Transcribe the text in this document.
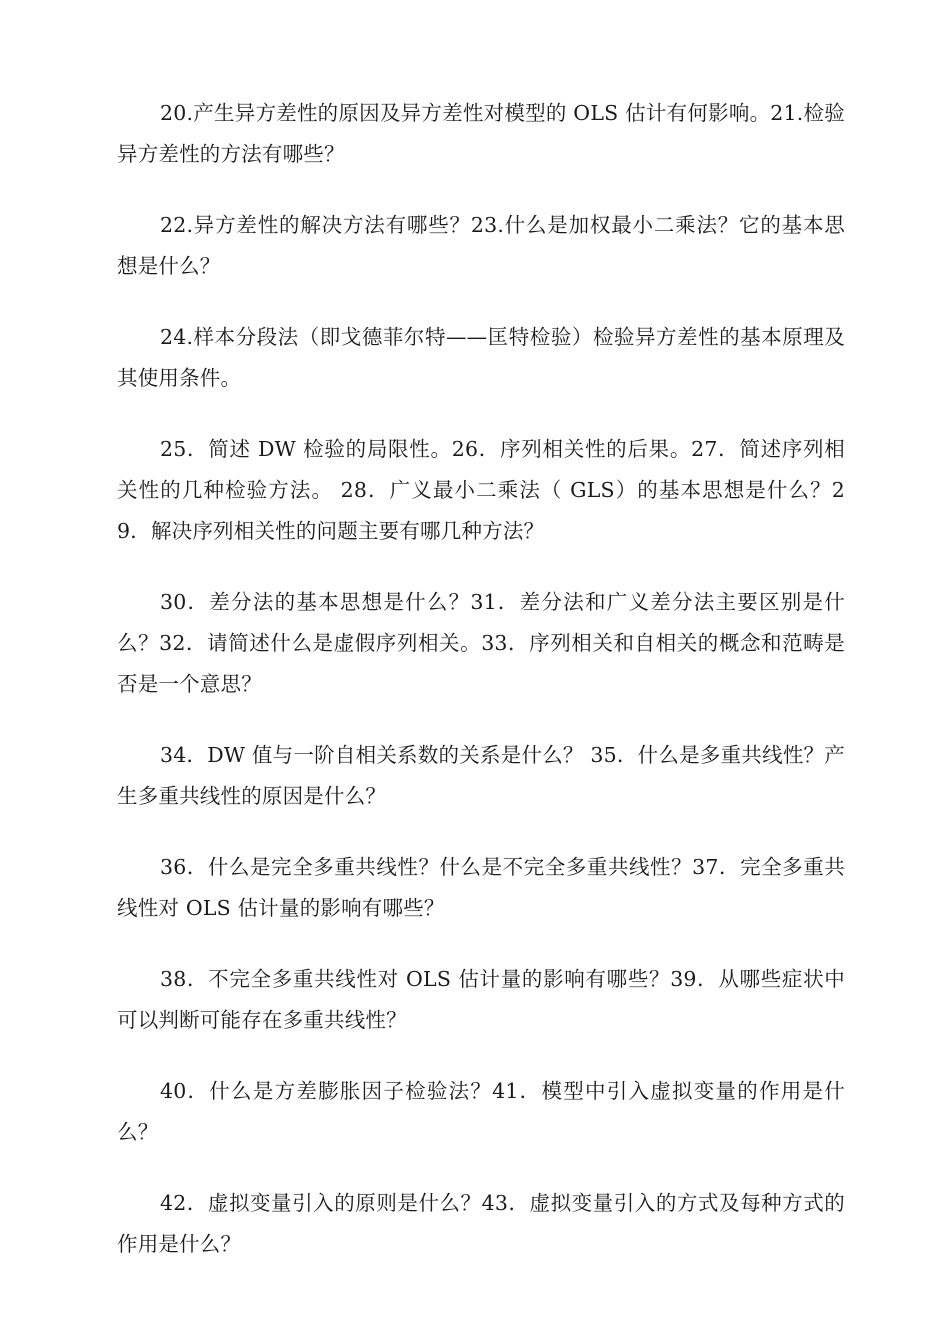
20.产生异方差性的原因及异方差性对模型的 OLS 估计有何影响。21.检验异方差性的方法有哪些？

22.异方差性的解决方法有哪些？23.什么是加权最小二乘法？它的基本思想是什么？

24.样本分段法（即戈德菲尔特——匡特检验）检验异方差性的基本原理及其使用条件。

25．简述 DW 检验的局限性。26．序列相关性的后果。27．简述序列相关性的几种检验方法。 28．广义最小二乘法（ GLS）的基本思想是什么？29．解决序列相关性的问题主要有哪几种方法？

30．差分法的基本思想是什么？31．差分法和广义差分法主要区别是什么？32．请简述什么是虚假序列相关。33．序列相关和自相关的概念和范畴是否是一个意思？

34．DW 值与一阶自相关系数的关系是什么？ 35．什么是多重共线性？产生多重共线性的原因是什么？

36．什么是完全多重共线性？什么是不完全多重共线性？37．完全多重共线性对 OLS 估计量的影响有哪些？

38．不完全多重共线性对 OLS 估计量的影响有哪些？39．从哪些症状中可以判断可能存在多重共线性？

40．什么是方差膨胀因子检验法？41．模型中引入虚拟变量的作用是什么？

42．虚拟变量引入的原则是什么？43．虚拟变量引入的方式及每种方式的作用是什么？
